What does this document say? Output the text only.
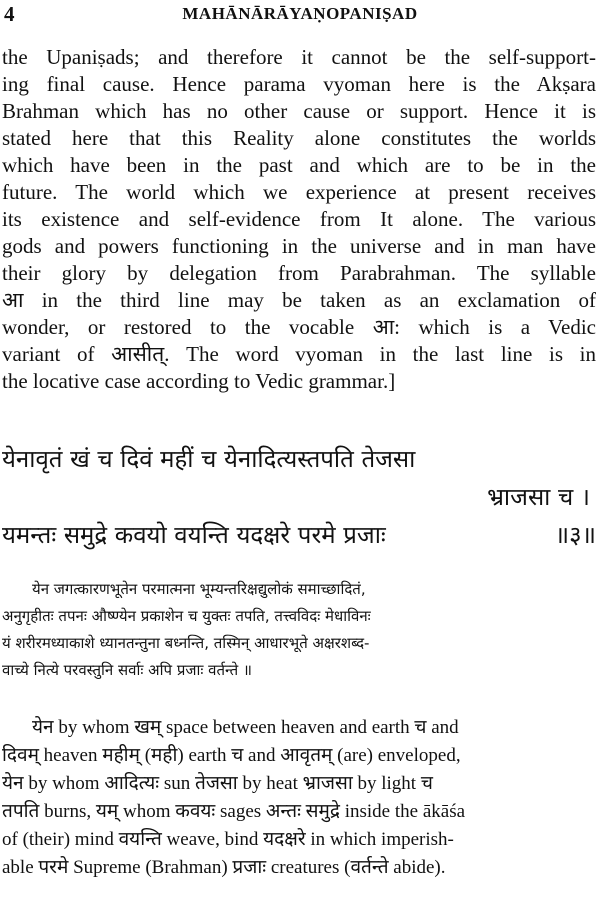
4	MAHĀNĀRĀYAṆOPANIṢAD
the Upaniṣads; and therefore it cannot be the self-support-
ing final cause. Hence parama vyoman here is the Akṣara
Brahman which has no other cause or support. Hence it is
stated here that this Reality alone constitutes the worlds
which have been in the past and which are to be in the
future. The world which we experience at present receives
its existence and self-evidence from It alone. The various
gods and powers functioning in the universe and in man have
their glory by delegation from Parabrahman. The syllable
आ in the third line may be taken as an exclamation of
wonder, or restored to the vocable आ: which is a Vedic
variant of आसीत्. The word vyoman in the last line is in
the locative case according to Vedic grammar.]
येनावृतं खं च दिवं महीं च येनादित्यस्तपति तेजसा
भ्राजसा च ।
यमन्तः समुद्रे कवयो वयन्ति यदक्षरे परमे प्रजाः	॥३॥
येन जगत्कारणभूतेन परमात्मना भूम्यन्तरिक्षद्युलोकं समाच्छादितं,
अनुगृहीतः तपनः औष्ण्येन प्रकाशेन च युक्तः तपति, तत्त्वविदः मेधाविनः
यं शरीरमध्याकाशे ध्यानतन्तुना बध्नन्ति, तस्मिन् आधारभूते अक्षरशब्द-
वाच्ये नित्ये परवस्तुनि सर्वाः अपि प्रजाः वर्तन्ते ॥
येन by whom खम् space between heaven and earth च and
दिवम् heaven महीम् (मही) earth च and आवृतम् (are) enveloped,
येन by whom आदित्यः sun तेजसा by heat भ्राजसा by light च
तपति burns, यम् whom कवयः sages अन्तः समुद्रे inside the ākāśa
of (their) mind वयन्ति weave, bind यदक्षरे in which imperish-
able परमे Supreme (Brahman) प्रजाः creatures (वर्तन्ते abide).
